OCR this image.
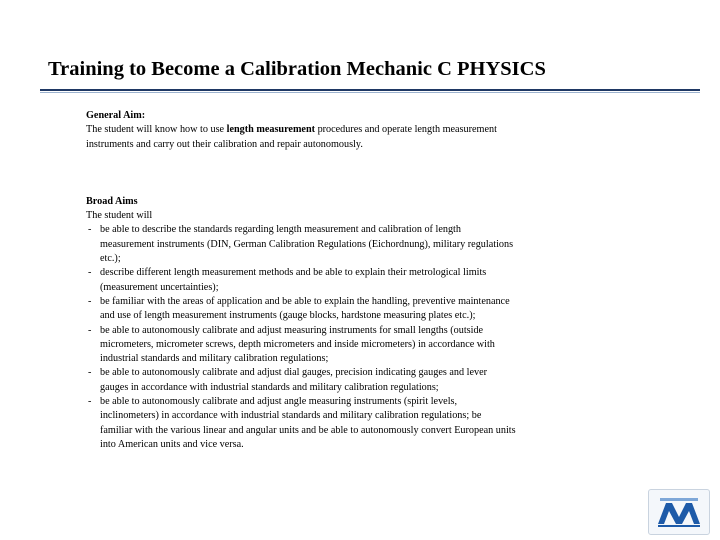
Training to Become a Calibration Mechanic C PHYSICS

General Aim:

The student will know how to use length measurement procedures and operate length measurement instruments and carry out their calibration and repair autonomously.

Broad Aims

The student will

- be able to describe the standards regarding length measurement and calibration of length measurement instruments (DIN, German Calibration Regulations (Eichordnung), military regulations etc.);
- describe different length measurement methods and be able to explain their metrological limits (measurement uncertainties);
- be familiar with the areas of application and be able to explain the handling, preventive maintenance and use of length measurement instruments (gauge blocks, hardstone measuring plates etc.);
- be able to autonomously calibrate and adjust measuring instruments for small lengths (outside micrometers, micrometer screws, depth micrometers and inside micrometers) in accordance with industrial standards and military calibration regulations;
- be able to autonomously calibrate and adjust dial gauges, precision indicating gauges and lever gauges in accordance with industrial standards and military calibration regulations;
- be able to autonomously calibrate and adjust angle measuring instruments (spirit levels, inclinometers) in accordance with industrial standards and military calibration regulations; be familiar with the various linear and angular units and be able to autonomously convert European units into American units and vice versa.
